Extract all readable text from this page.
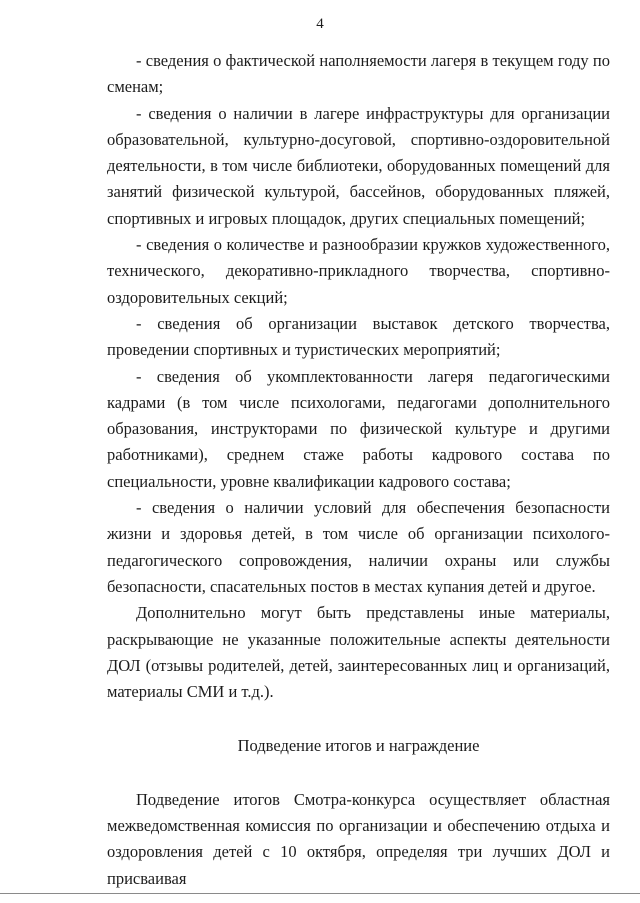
4

- сведения о фактической наполняемости лагеря в текущем году по сменам;

- сведения о наличии в лагере инфраструктуры для организации образовательной, культурно-досуговой, спортивно-оздоровительной деятельности, в том числе библиотеки, оборудованных помещений для занятий физической культурой, бассейнов, оборудованных пляжей, спортивных и игровых площадок, других специальных помещений;

- сведения о количестве и разнообразии кружков художественного, технического, декоративно-прикладного творчества, спортивно-оздоровительных секций;

- сведения об организации выставок детского творчества, проведении спортивных и туристических мероприятий;

- сведения об укомплектованности лагеря педагогическими кадрами (в том числе психологами, педагогами дополнительного образования, инструкторами по физической культуре и другими работниками), среднем стаже работы кадрового состава по специальности, уровне квалификации кадрового состава;

- сведения о наличии условий для обеспечения безопасности жизни и здоровья детей, в том числе об организации психолого-педагогического сопровождения, наличии охраны или службы безопасности, спасательных постов в местах купания детей и другое.

Дополнительно могут быть представлены иные материалы, раскрывающие не указанные положительные аспекты деятельности ДОЛ (отзывы родителей, детей, заинтересованных лиц и организаций, материалы СМИ и т.д.).

Подведение итогов и награждение

Подведение итогов Смотра-конкурса осуществляет областная межведомственная комиссия по организации и обеспечению отдыха и оздоровления детей с 10 октября, определяя три лучших ДОЛ и присваивая
